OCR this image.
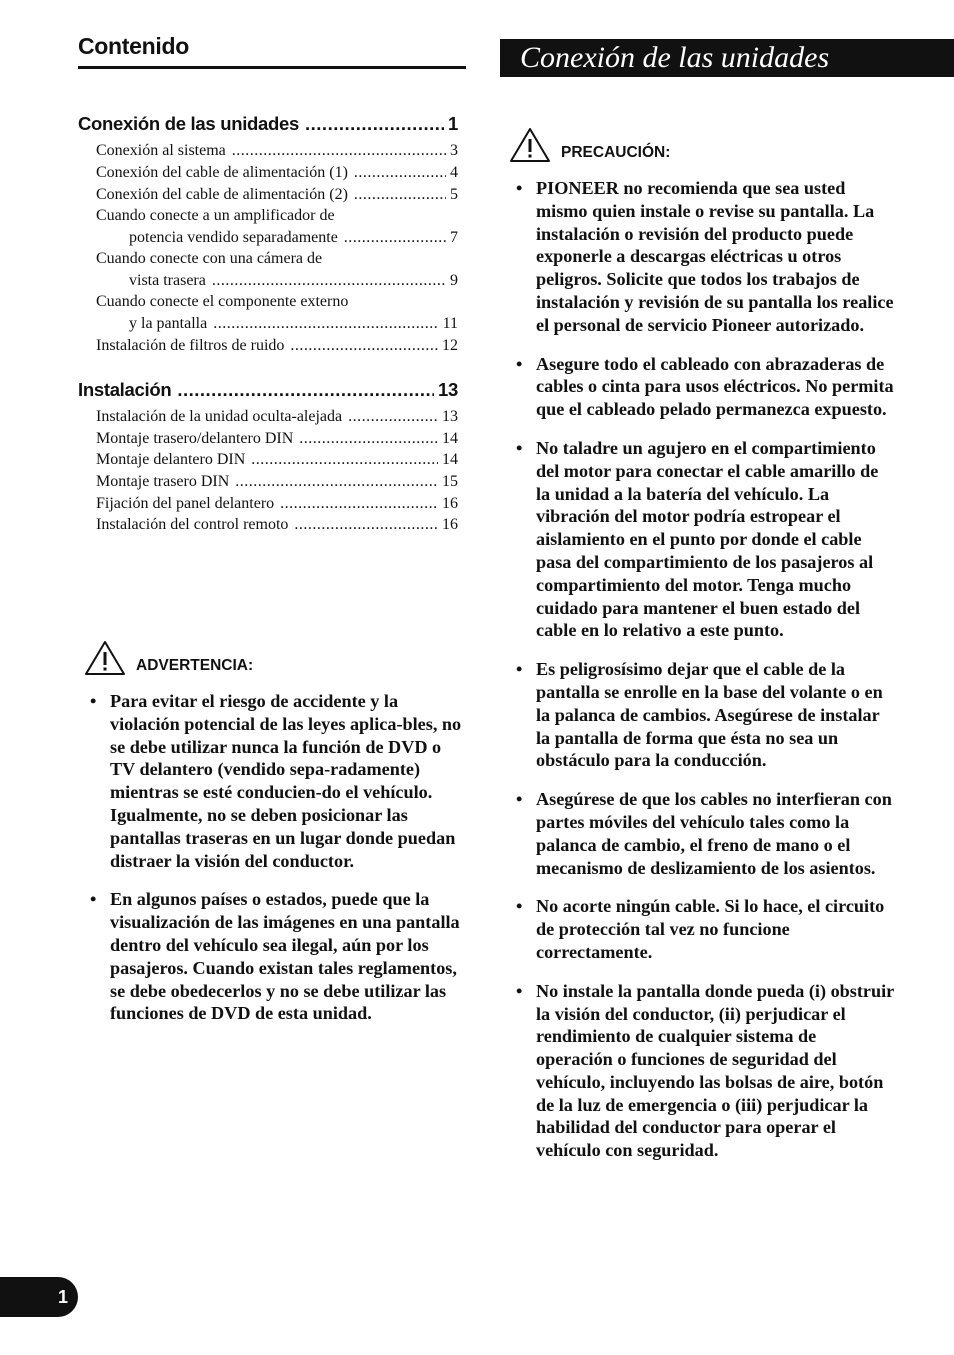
Contenido
Conexión de las unidades .....	1
Conexión al sistema .....	3
Conexión del cable de alimentación (1) .....	4
Conexión del cable de alimentación (2) .....	5
Cuando conecte a un amplificador de
potencia vendido separadamente .....	7
Cuando conecte con una cámera de
vista trasera .....	9
Cuando conecte el componente externo
y la pantalla .....	11
Instalación de filtros de ruido .....	12
Instalación .....	13
Instalación de la unidad oculta-alejada .....	13
Montaje trasero/delantero DIN .....	14
Montaje delantero DIN .....	14
Montaje trasero DIN .....	15
Fijación del panel delantero .....	16
Instalación del control remoto .....	16
ADVERTENCIA:
• Para evitar el riesgo de accidente y la violación potencial de las leyes aplica-bles, no se debe utilizar nunca la función de DVD o TV delantero (vendido sepa-radamente) mientras se esté conducien-do el vehículo. Igualmente, no se deben posicionar las pantallas traseras en un lugar donde puedan distraer la visión del conductor.
• En algunos países o estados, puede que la visualización de las imágenes en una pantalla dentro del vehículo sea ilegal, aún por los pasajeros. Cuando existan tales reglamentos, se debe obedecerlos y no se debe utilizar las funciones de DVD de esta unidad.
Conexión de las unidades
PRECAUCIÓN:
• PIONEER no recomienda que sea usted mismo quien instale o revise su pantalla. La instalación o revisión del producto puede exponerle a descargas eléctricas u otros peligros. Solicite que todos los trabajos de instalación y revisión de su pantalla los realice el personal de servicio Pioneer autorizado.
• Asegure todo el cableado con abrazaderas de cables o cinta para usos eléctricos. No permita que el cableado pelado permanezca expuesto.
• No taladre un agujero en el compartimiento del motor para conectar el cable amarillo de la unidad a la batería del vehículo. La vibración del motor podría estropear el aislamiento en el punto por donde el cable pasa del compartimiento de los pasajeros al compartimiento del motor. Tenga mucho cuidado para mantener el buen estado del cable en lo relativo a este punto.
• Es peligrosísimo dejar que el cable de la pantalla se enrolle en la base del volante o en la palanca de cambios. Asegúrese de instalar la pantalla de forma que ésta no sea un obstáculo para la conducción.
• Asegúrese de que los cables no interfieran con partes móviles del vehículo tales como la palanca de cambio, el freno de mano o el mecanismo de deslizamiento de los asientos.
• No acorte ningún cable. Si lo hace, el circuito de protección tal vez no funcione correctamente.
• No instale la pantalla donde pueda (i) obstruir la visión del conductor, (ii) perjudicar el rendimiento de cualquier sistema de operación o funciones de seguridad del vehículo, incluyendo las bolsas de aire, botón de la luz de emergencia o (iii) perjudicar la habilidad del conductor para operar el vehículo con seguridad.
1
